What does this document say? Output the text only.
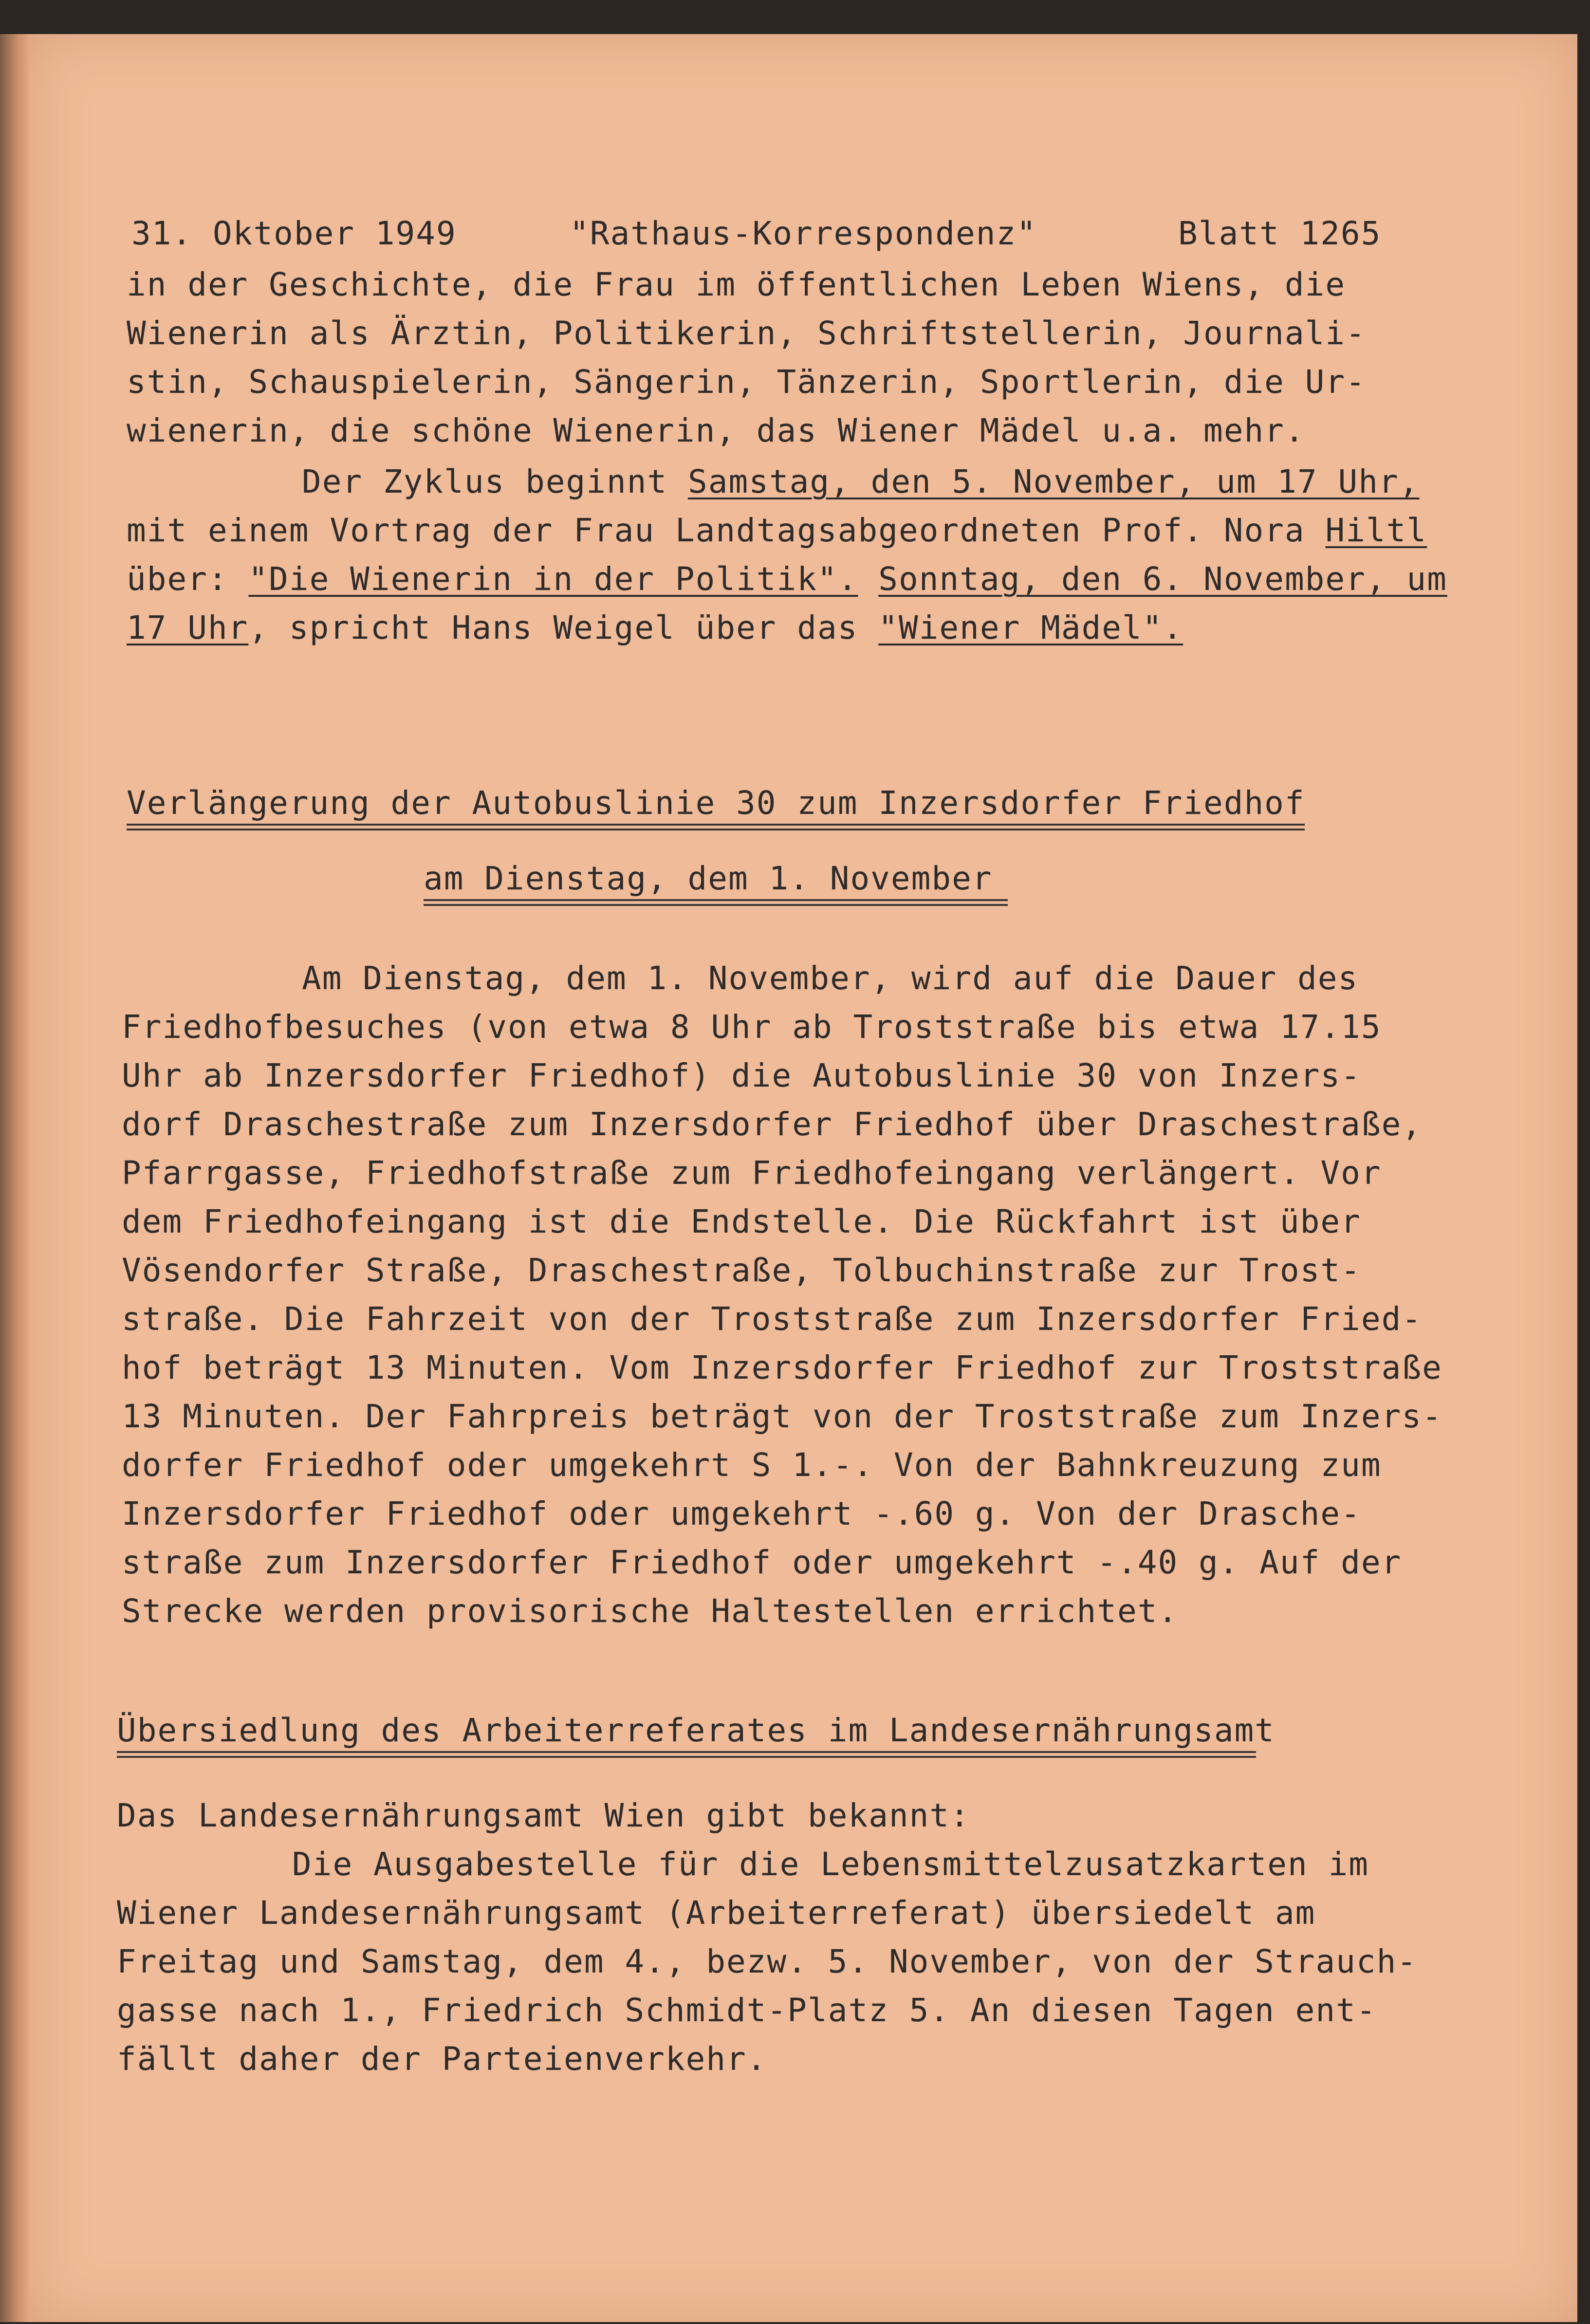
31. Oktober 1949	"Rathaus-Korrespondenz"	Blatt 1265

in der Geschichte, die Frau im öffentlichen Leben Wiens, die

Wienerin als Ärztin, Politikerin, Schriftstellerin, Journali-

stin, Schauspielerin, Sängerin, Tänzerin, Sportlerin, die Ur-

wienerin, die schöne Wienerin, das Wiener Mädel u.a. mehr.

Der Zyklus beginnt Samstag, den 5. November, um 17 Uhr,

mit einem Vortrag der Frau Landtagsabgeordneten Prof. Nora Hiltl

über: "Die Wienerin in der Politik". Sonntag, den 6. November, um

17 Uhr, spricht Hans Weigel über das "Wiener Mädel".

Verlängerung der Autobuslinie 30 zum Inzersdorfer Friedhof

am Dienstag, dem 1. November

Am Dienstag, dem 1. November, wird auf die Dauer des

Friedhofbesuches (von etwa 8 Uhr ab Troststraße bis etwa 17.15

Uhr ab Inzersdorfer Friedhof) die Autobuslinie 30 von Inzers-

dorf Draschestraße zum Inzersdorfer Friedhof über Draschestraße,

Pfarrgasse, Friedhofstraße zum Friedhofeingang verlängert. Vor

dem Friedhofeingang ist die Endstelle. Die Rückfahrt ist über

Vösendorfer Straße, Draschestraße, Tolbuchinstraße zur Trost-

straße. Die Fahrzeit von der Troststraße zum Inzersdorfer Fried-

hof beträgt 13 Minuten. Vom Inzersdorfer Friedhof zur Troststraße

13 Minuten. Der Fahrpreis beträgt von der Troststraße zum Inzers-

dorfer Friedhof oder umgekehrt S 1.-. Von der Bahnkreuzung zum

Inzersdorfer Friedhof oder umgekehrt -.60 g. Von der Drasche-

straße zum Inzersdorfer Friedhof oder umgekehrt -.40 g. Auf der

Strecke werden provisorische Haltestellen errichtet.

Übersiedlung des Arbeiterreferates im Landesernährungsamt

Das Landesernährungsamt Wien gibt bekannt:

Die Ausgabestelle für die Lebensmittelzusatzkarten im

Wiener Landesernährungsamt (Arbeiterreferat) übersiedelt am

Freitag und Samstag, dem 4., bezw. 5. November, von der Strauch-

gasse nach 1., Friedrich Schmidt-Platz 5. An diesen Tagen ent-

fällt daher der Parteienverkehr.
